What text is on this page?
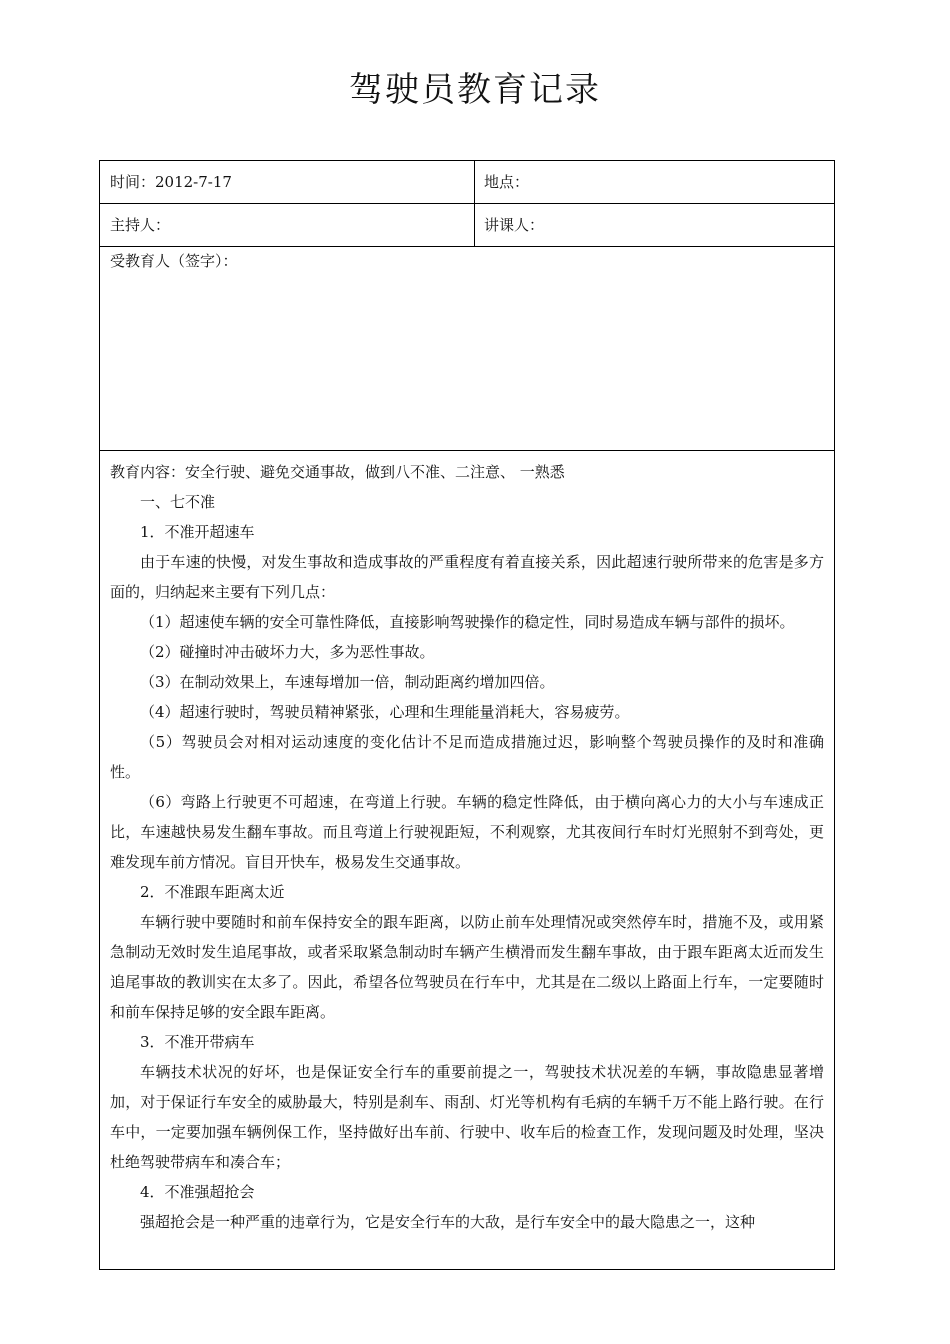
驾驶员教育记录
时间：2012-7-17	地点：
主持人：	讲课人：
受教育人（签字）：

教育内容：安全行驶、避免交通事故，做到八不准、二注意、 一熟悉

一、七不准

1．不准开超速车

由于车速的快慢，对发生事故和造成事故的严重程度有着直接关系，因此超速行驶所带来的危害是多方面的，归纳起来主要有下列几点：

（1）超速使车辆的安全可靠性降低，直接影响驾驶操作的稳定性，同时易造成车辆与部件的损坏。

（2）碰撞时冲击破坏力大，多为恶性事故。

（3）在制动效果上，车速每增加一倍，制动距离约增加四倍。

（4）超速行驶时，驾驶员精神紧张，心理和生理能量消耗大，容易疲劳。

（5）驾驶员会对相对运动速度的变化估计不足而造成措施过迟，影响整个驾驶员操作的及时和准确性。

（6）弯路上行驶更不可超速，在弯道上行驶。车辆的稳定性降低，由于横向离心力的大小与车速成正比，车速越快易发生翻车事故。而且弯道上行驶视距短，不利观察，尤其夜间行车时灯光照射不到弯处，更难发现车前方情况。盲目开快车，极易发生交通事故。

2．不准跟车距离太近

车辆行驶中要随时和前车保持安全的跟车距离，以防止前车处理情况或突然停车时，措施不及，或用紧急制动无效时发生追尾事故，或者采取紧急制动时车辆产生横滑而发生翻车事故，由于跟车距离太近而发生追尾事故的教训实在太多了。因此，希望各位驾驶员在行车中，尤其是在二级以上路面上行车，一定要随时和前车保持足够的安全跟车距离。

3．不准开带病车

车辆技术状况的好坏，也是保证安全行车的重要前提之一，驾驶技术状况差的车辆，事故隐患显著增加，对于保证行车安全的威胁最大，特别是刹车、雨刮、灯光等机构有毛病的车辆千万不能上路行驶。在行车中，一定要加强车辆例保工作，坚持做好出车前、行驶中、收车后的检查工作，发现问题及时处理，坚决杜绝驾驶带病车和凑合车；

4．不准强超抢会

强超抢会是一种严重的违章行为，它是安全行车的大敌，是行车安全中的最大隐患之一，这种
